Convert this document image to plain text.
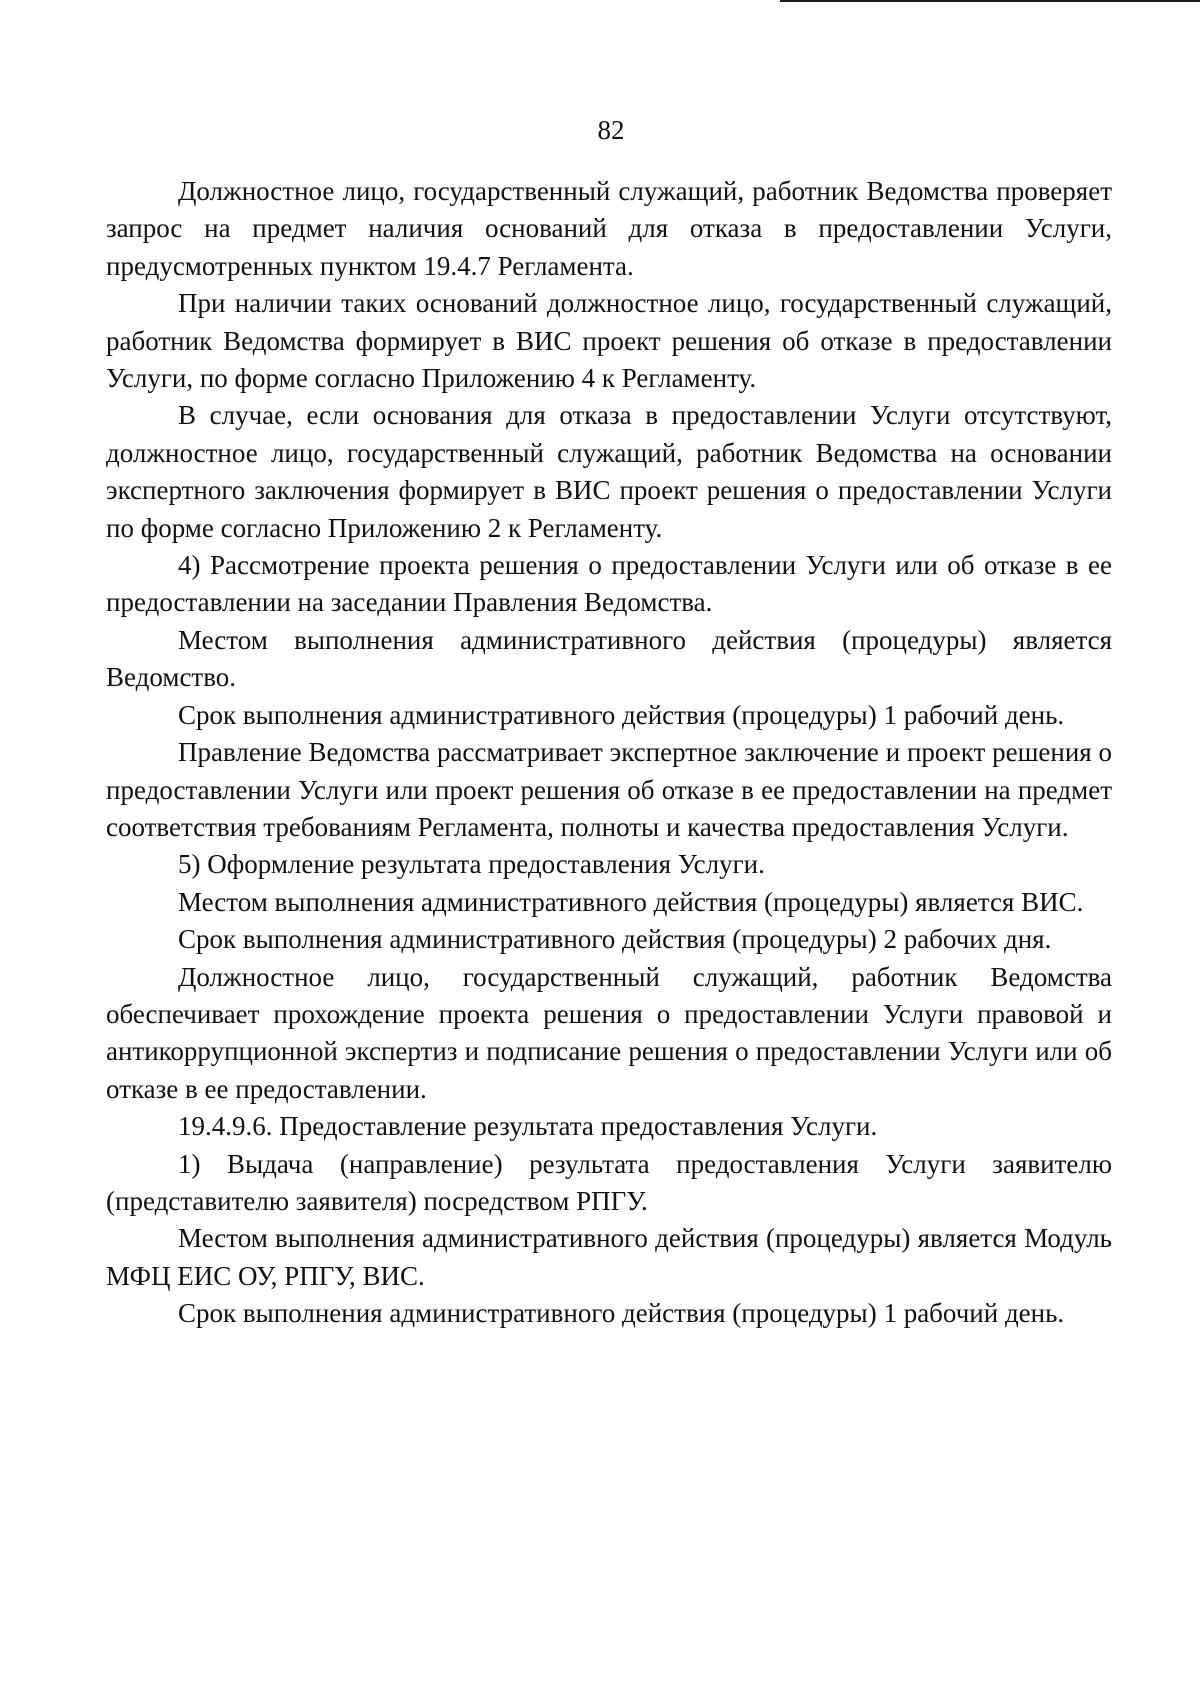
82

Должностное лицо, государственный служащий, работник Ведомства проверяет запрос на предмет наличия оснований для отказа в предоставлении Услуги, предусмотренных пунктом 19.4.7 Регламента.

При наличии таких оснований должностное лицо, государственный служащий, работник Ведомства формирует в ВИС проект решения об отказе в предоставлении Услуги, по форме согласно Приложению 4 к Регламенту.

В случае, если основания для отказа в предоставлении Услуги отсутствуют, должностное лицо, государственный служащий, работник Ведомства на основании экспертного заключения формирует в ВИС проект решения о предоставлении Услуги по форме согласно Приложению 2 к Регламенту.

4) Рассмотрение проекта решения о предоставлении Услуги или об отказе в ее предоставлении на заседании Правления Ведомства.

Местом выполнения административного действия (процедуры) является Ведомство.

Срок выполнения административного действия (процедуры) 1 рабочий день.

Правление Ведомства рассматривает экспертное заключение и проект решения о предоставлении Услуги или проект решения об отказе в ее предоставлении на предмет соответствия требованиям Регламента, полноты и качества предоставления Услуги.

5) Оформление результата предоставления Услуги.

Местом выполнения административного действия (процедуры) является ВИС.

Срок выполнения административного действия (процедуры) 2 рабочих дня.

Должностное лицо, государственный служащий, работник Ведомства обеспечивает прохождение проекта решения о предоставлении Услуги правовой и антикоррупционной экспертиз и подписание решения о предоставлении Услуги или об отказе в ее предоставлении.

19.4.9.6. Предоставление результата предоставления Услуги.

1) Выдача (направление) результата предоставления Услуги заявителю (представителю заявителя) посредством РПГУ.

Местом выполнения административного действия (процедуры) является Модуль МФЦ ЕИС ОУ, РПГУ, ВИС.

Срок выполнения административного действия (процедуры) 1 рабочий день.
